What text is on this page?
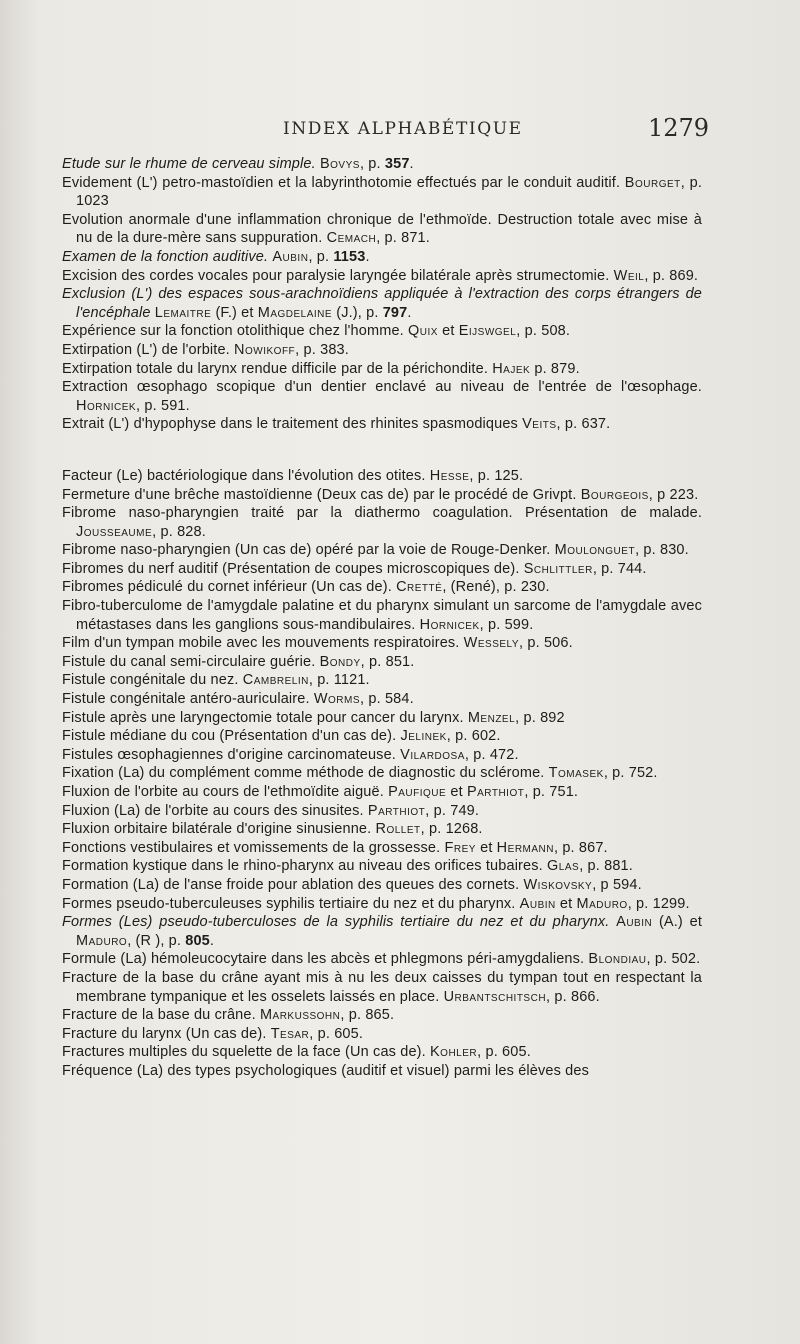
INDEX ALPHABÉTIQUE	1279

Etude sur le rhume de cerveau simple. Bovys, p. 357.

Evidement (L') petro-mastoïdien et la labyrinthotomie effectués par le conduit auditif. Bourget, p. 1023

Evolution anormale d'une inflammation chronique de l'ethmoïde. Destruction totale avec mise à nu de la dure-mère sans suppuration. Cemach, p. 871.

Examen de la fonction auditive. Aubin, p. 1153.

Excision des cordes vocales pour paralysie laryngée bilatérale après strumectomie. Weil, p. 869.

Exclusion (L') des espaces sous-arachnoïdiens appliquée à l'extraction des corps étrangers de l'encéphale Lemaitre (F.) et Magdelaine (J.), p. 797.

Expérience sur la fonction otolithique chez l'homme. Quix et Eijswgel, p. 508.

Extirpation (L') de l'orbite. Nowikoff, p. 383.

Extirpation totale du larynx rendue difficile par de la périchondite. Hajek p. 879.

Extraction œsophago scopique d'un dentier enclavé au niveau de l'entrée de l'œsophage. Hornicek, p. 591.

Extrait (L') d'hypophyse dans le traitement des rhinites spasmodiques Veits, p. 637.

Facteur (Le) bactériologique dans l'évolution des otites. Hesse, p. 125.

Fermeture d'une brêche mastoïdienne (Deux cas de) par le procédé de Grivpt. Bourgeois, p 223.

Fibrome naso-pharyngien traité par la diathermo coagulation. Présentation de malade. Jousseaume, p. 828.

Fibrome naso-pharyngien (Un cas de) opéré par la voie de Rouge-Denker. Moulonguet, p. 830.

Fibromes du nerf auditif (Présentation de coupes microscopiques de). Schlittler, p. 744.

Fibromes pédiculé du cornet inférieur (Un cas de). Cretté, (René), p. 230.

Fibro-tuberculome de l'amygdale palatine et du pharynx simulant un sarcome de l'amygdale avec métastases dans les ganglions sous-mandibulaires. Hornicek, p. 599.

Film d'un tympan mobile avec les mouvements respiratoires. Wessely, p. 506.

Fistule du canal semi-circulaire guérie. Bondy, p. 851.

Fistule congénitale du nez. Cambrelin, p. 1121.

Fistule congénitale antéro-auriculaire. Worms, p. 584.

Fistule après une laryngectomie totale pour cancer du larynx. Menzel, p. 892

Fistule médiane du cou (Présentation d'un cas de). Jelinek, p. 602.

Fistules œsophagiennes d'origine carcinomateuse. Vilardosa, p. 472.

Fixation (La) du complément comme méthode de diagnostic du sclérome. Tomasek, p. 752.

Fluxion de l'orbite au cours de l'ethmoïdite aiguë. Paufique et Parthiot, p. 751.

Fluxion (La) de l'orbite au cours des sinusites. Parthiot, p. 749.

Fluxion orbitaire bilatérale d'origine sinusienne. Rollet, p. 1268.

Fonctions vestibulaires et vomissements de la grossesse. Frey et Hermann, p. 867.

Formation kystique dans le rhino-pharynx au niveau des orifices tubaires. Glas, p. 881.

Formation (La) de l'anse froide pour ablation des queues des cornets. Wiskovsky, p 594.

Formes pseudo-tuberculeuses syphilis tertiaire du nez et du pharynx. Aubin et Maduro, p. 1299.

Formes (Les) pseudo-tuberculoses de la syphilis tertiaire du nez et du pharynx. Aubin (A.) et Maduro, (R ), p. 805.

Formule (La) hémoleucocytaire dans les abcès et phlegmons péri-amygdaliens. Blondiau, p. 502.

Fracture de la base du crâne ayant mis à nu les deux caisses du tympan tout en respectant la membrane tympanique et les osselets laissés en place. Urbantschitsch, p. 866.

Fracture de la base du crâne. Markussohn, p. 865.

Fracture du larynx (Un cas de). Tesar, p. 605.

Fractures multiples du squelette de la face (Un cas de). Kohler, p. 605.

Fréquence (La) des types psychologiques (auditif et visuel) parmi les élèves des
